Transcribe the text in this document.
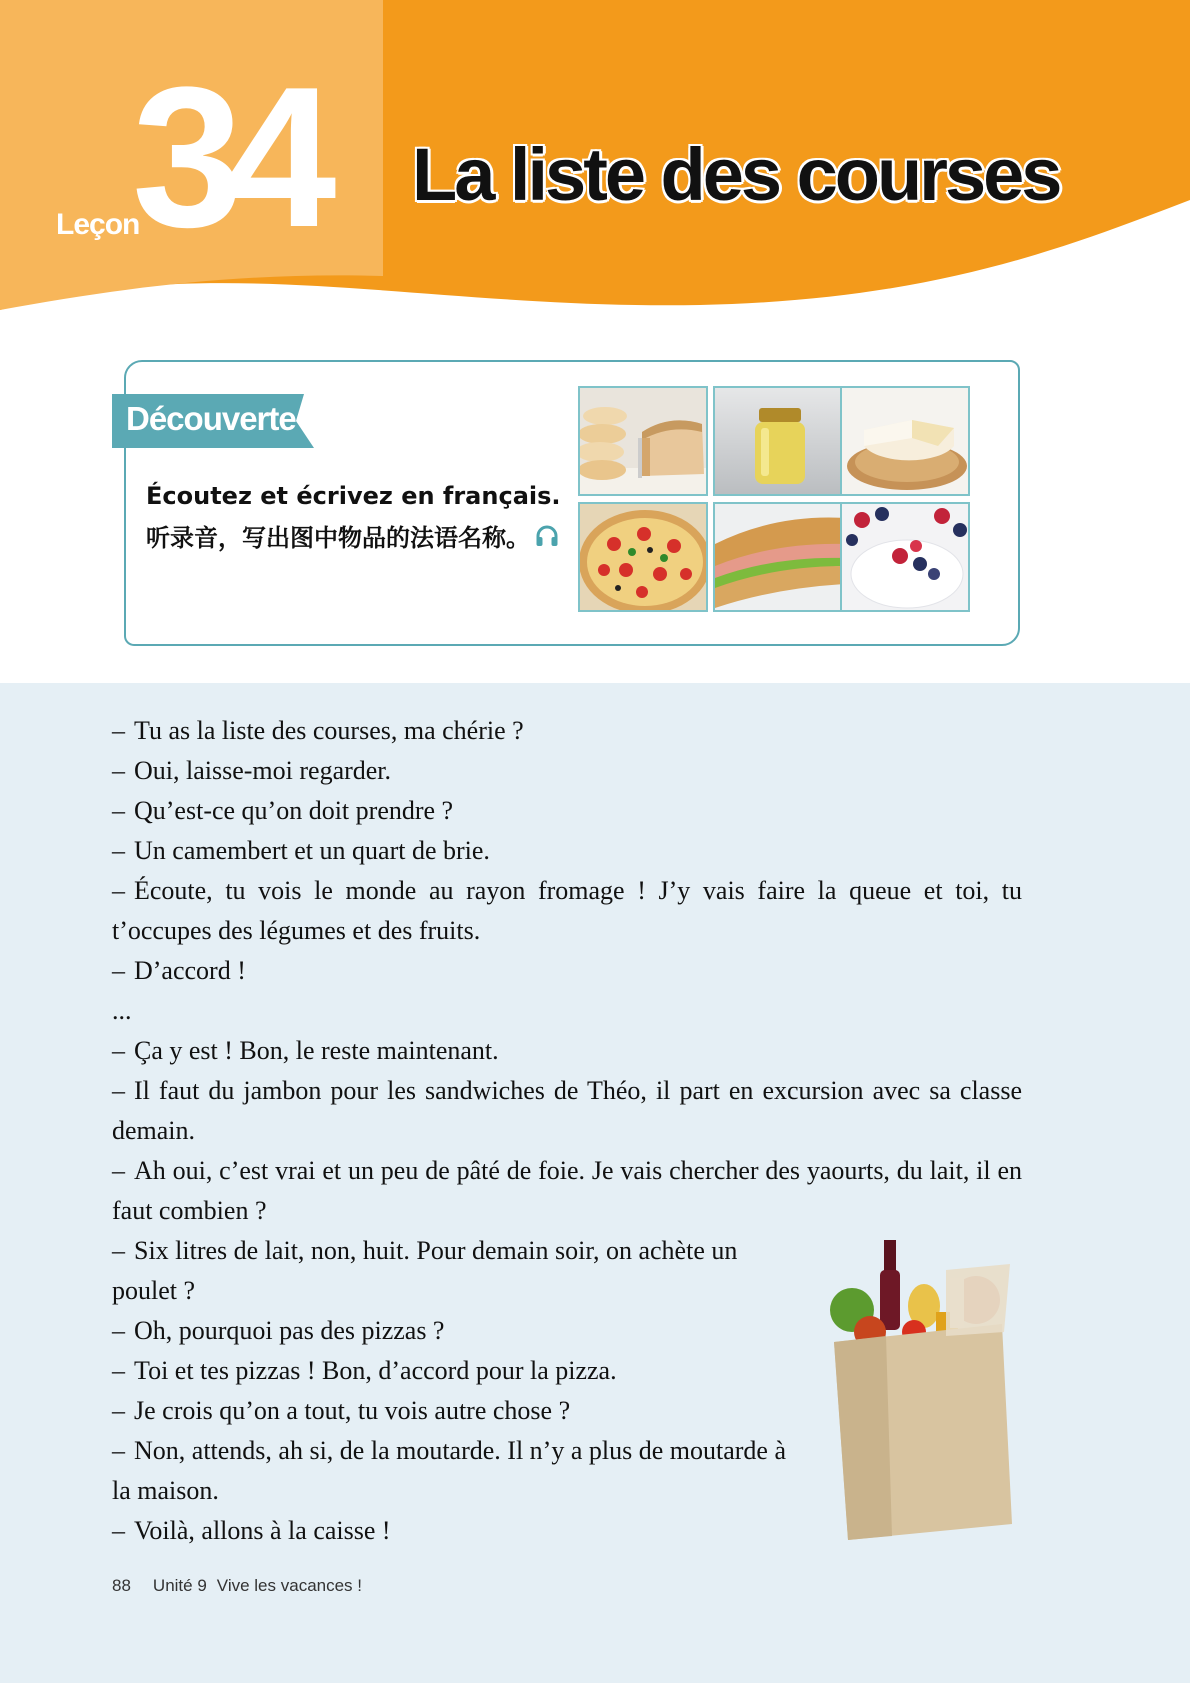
Leçon
34 La liste des courses
Découverte
Écoutez et écrivez en français.
听录音，写出图中物品的法语名称。
– Tu as la liste des courses, ma chérie ?
– Oui, laisse-moi regarder.
– Qu’est-ce qu’on doit prendre ?
– Un camembert et un quart de brie.
– Écoute, tu vois le monde au rayon fromage ! J’y vais faire la queue et toi, tu t’occupes des légumes et des fruits.
– D’accord !
...
– Ça y est ! Bon, le reste maintenant.
– Il faut du jambon pour les sandwiches de Théo, il part en excursion avec sa classe demain.
– Ah oui, c’est vrai et un peu de pâté de foie. Je vais chercher des yaourts, du lait, il en faut combien ?
– Six litres de lait, non, huit. Pour demain soir, on achète un poulet ?
– Oh, pourquoi pas des pizzas ?
– Toi et tes pizzas ! Bon, d’accord pour la pizza.
– Je crois qu’on a tout, tu vois autre chose ?
– Non, attends, ah si, de la moutarde. Il n’y a plus de moutarde à la maison.
– Voilà, allons à la caisse !
88 Unité 9 Vive les vacances !
